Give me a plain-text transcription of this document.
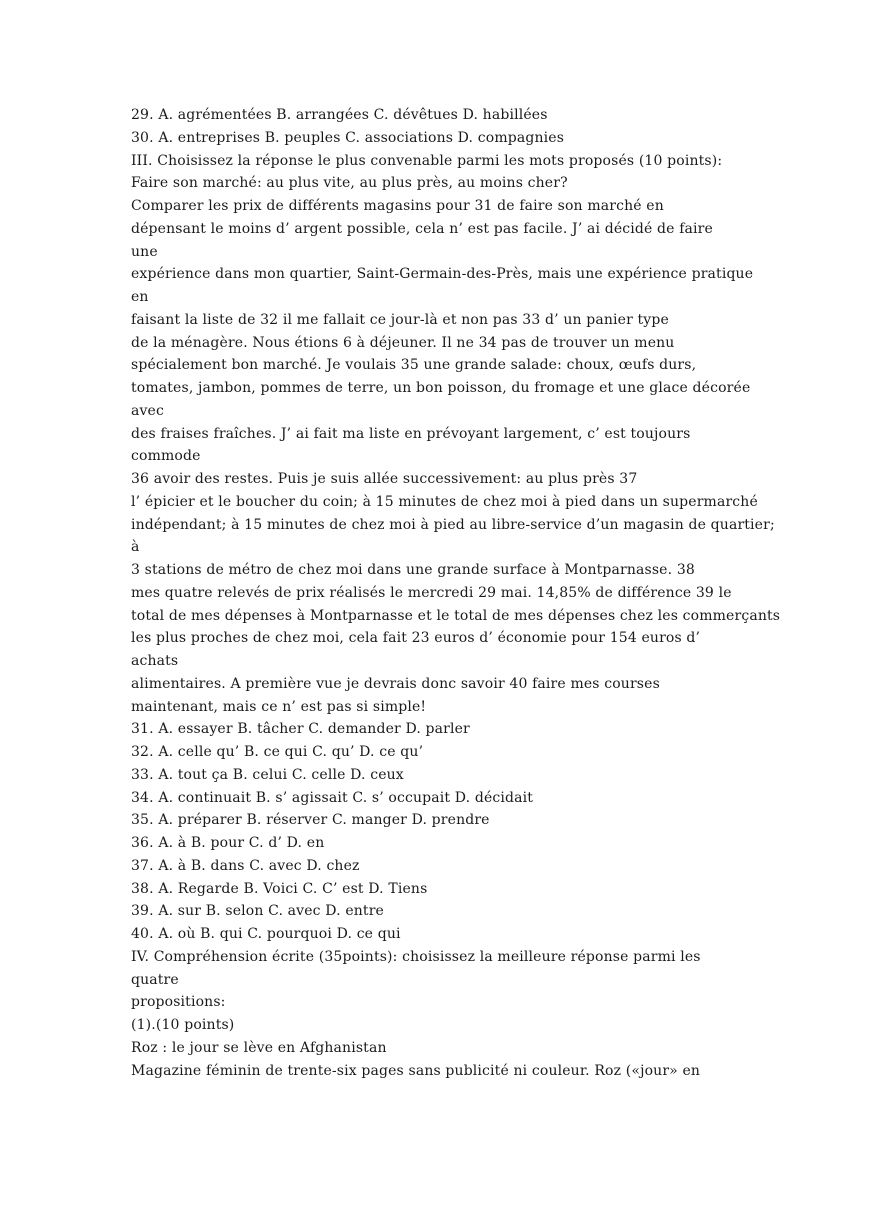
29. A. agrémentées B. arrangées C. dévêtues D. habillées
30. A. entreprises B. peuples C. associations D. compagnies
III. Choisissez la réponse le plus convenable parmi les mots proposés (10 points):
Faire son marché: au plus vite, au plus près, au moins cher?
Comparer les prix de différents magasins pour 31 de faire son marché en
dépensant le moins d’ argent possible, cela n’ est pas facile. J’ ai décidé de faire
une
expérience dans mon quartier, Saint-Germain-des-Près, mais une expérience pratique
en
faisant la liste de 32 il me fallait ce jour-là et non pas 33 d’ un panier type
de la ménagère. Nous étions 6 à déjeuner. Il ne 34 pas de trouver un menu
spécialement bon marché. Je voulais 35 une grande salade: choux, œufs durs,
tomates, jambon, pommes de terre, un bon poisson, du fromage et une glace décorée
avec
des fraises fraîches. J’ ai fait ma liste en prévoyant largement, c’ est toujours
commode
36 avoir des restes. Puis je suis allée successivement: au plus près 37
l’ épicier et le boucher du coin; à 15 minutes de chez moi à pied dans un supermarché
indépendant; à 15 minutes de chez moi à pied au libre-service d’un magasin de quartier;
à
3 stations de métro de chez moi dans une grande surface à Montparnasse. 38
mes quatre relevés de prix réalisés le mercredi 29 mai. 14,85% de différence 39 le
total de mes dépenses à Montparnasse et le total de mes dépenses chez les commerçants
les plus proches de chez moi, cela fait 23 euros d’ économie pour 154 euros d’
achats
alimentaires. A première vue je devrais donc savoir 40 faire mes courses
maintenant, mais ce n’ est pas si simple!
31. A. essayer B. tâcher C. demander D. parler
32. A. celle qu’ B. ce qui C. qu’ D. ce qu’
33. A. tout ça B. celui C. celle D. ceux
34. A. continuait B. s’ agissait C. s’ occupait D. décidait
35. A. préparer B. réserver C. manger D. prendre
36. A. à B. pour C. d’ D. en
37. A. à B. dans C. avec D. chez
38. A. Regarde B. Voici C. C’ est D. Tiens
39. A. sur B. selon C. avec D. entre
40. A. où B. qui C. pourquoi D. ce qui
IV. Compréhension écrite (35points): choisissez la meilleure réponse parmi les
quatre
propositions:
(1).(10 points)
Roz : le jour se lève en Afghanistan
Magazine féminin de trente-six pages sans publicité ni couleur. Roz («jour» en
